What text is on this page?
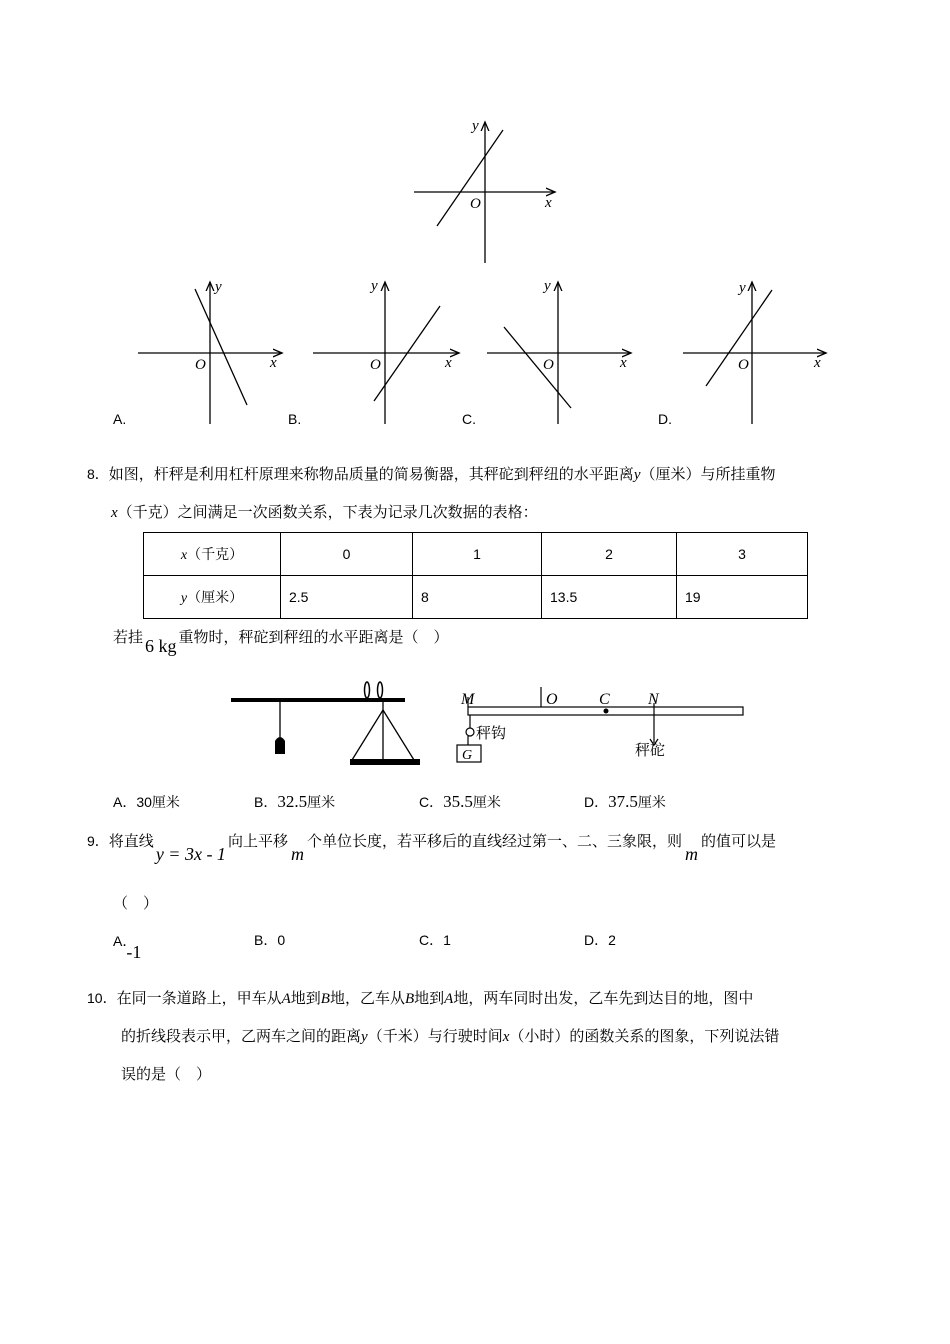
x
y
O
x
y
O	x
y
O	x
y
O	x
y
O
A.	B.	C.	D.
8．如图，杆秤是利用杠杆原理来称物品质量的简易衡器，其秤砣到秤纽的水平距离y（厘米）与所挂重物
x（千克）之间满足一次函数关系，下表为记录几次数据的表格：
x（千克）	0	1	2	3
y（厘米）	2.5	8	13.5	19
若挂 6 kg 重物时，秤砣到秤纽的水平距离是（　）
M	O	C N
G
秤钩
秤砣
A．30厘米	B．32.5厘米	C．35.5厘米	D．37.5厘米
9．将直线y = 3x - 1向上平移m个单位长度，若平移后的直线经过第一、二、三象限，则m的值可以是
（　）
A．-1
B．0	C．1	D．2
10．在同一条道路上，甲车从A地到B地，乙车从B地到A地，两车同时出发，乙车先到达目的地，图中
的折线段表示甲，乙两车之间的距离y（千米）与行驶时间x（小时）的函数关系的图象，下列说法错
误的是（　）
